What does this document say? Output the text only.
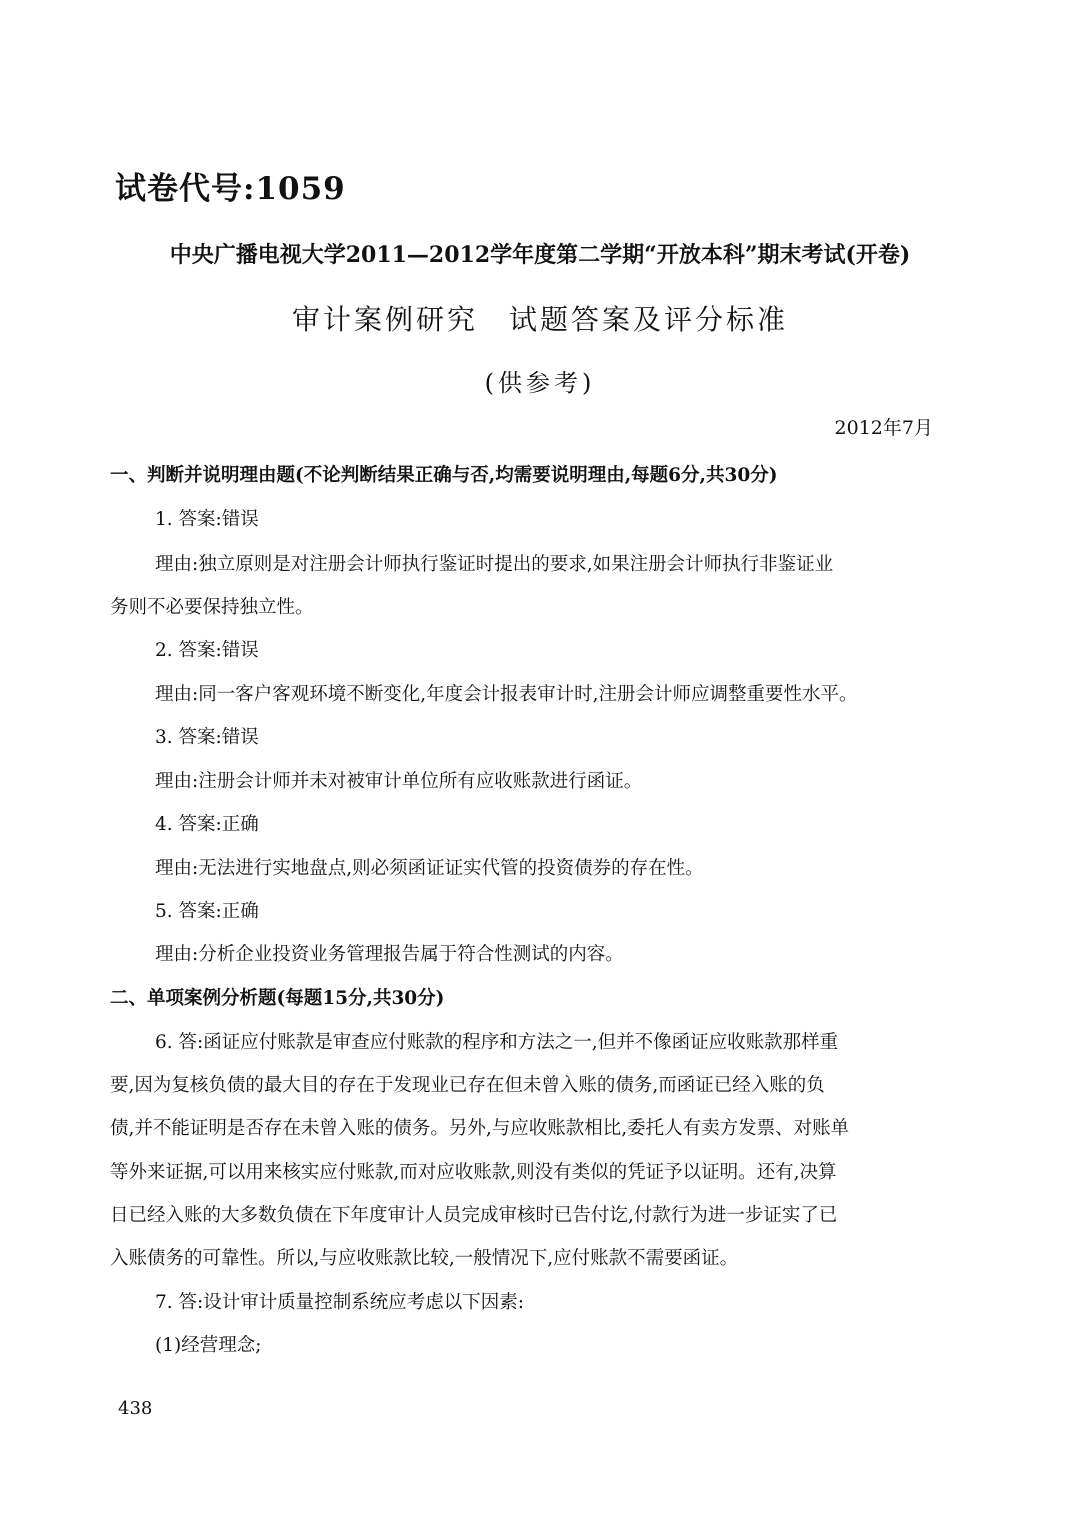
试卷代号:1059
中央广播电视大学2011—2012学年度第二学期“开放本科”期末考试(开卷)
审计案例研究　试题答案及评分标准
(供参考)
2012年7月
一、判断并说明理由题(不论判断结果正确与否,均需要说明理由,每题6分,共30分)
1. 答案:错误
理由:独立原则是对注册会计师执行鉴证时提出的要求,如果注册会计师执行非鉴证业
务则不必要保持独立性。
2. 答案:错误
理由:同一客户客观环境不断变化,年度会计报表审计时,注册会计师应调整重要性水平。
3. 答案:错误
理由:注册会计师并未对被审计单位所有应收账款进行函证。
4. 答案:正确
理由:无法进行实地盘点,则必须函证证实代管的投资债券的存在性。
5. 答案:正确
理由:分析企业投资业务管理报告属于符合性测试的内容。
二、单项案例分析题(每题15分,共30分)
6. 答:函证应付账款是审查应付账款的程序和方法之一,但并不像函证应收账款那样重
要,因为复核负债的最大目的存在于发现业已存在但未曾入账的债务,而函证已经入账的负
债,并不能证明是否存在未曾入账的债务。另外,与应收账款相比,委托人有卖方发票、对账单
等外来证据,可以用来核实应付账款,而对应收账款,则没有类似的凭证予以证明。还有,决算
日已经入账的大多数负债在下年度审计人员完成审核时已告付讫,付款行为进一步证实了已
入账债务的可靠性。所以,与应收账款比较,一般情况下,应付账款不需要函证。
7. 答:设计审计质量控制系统应考虑以下因素:
(1)经营理念;
438
